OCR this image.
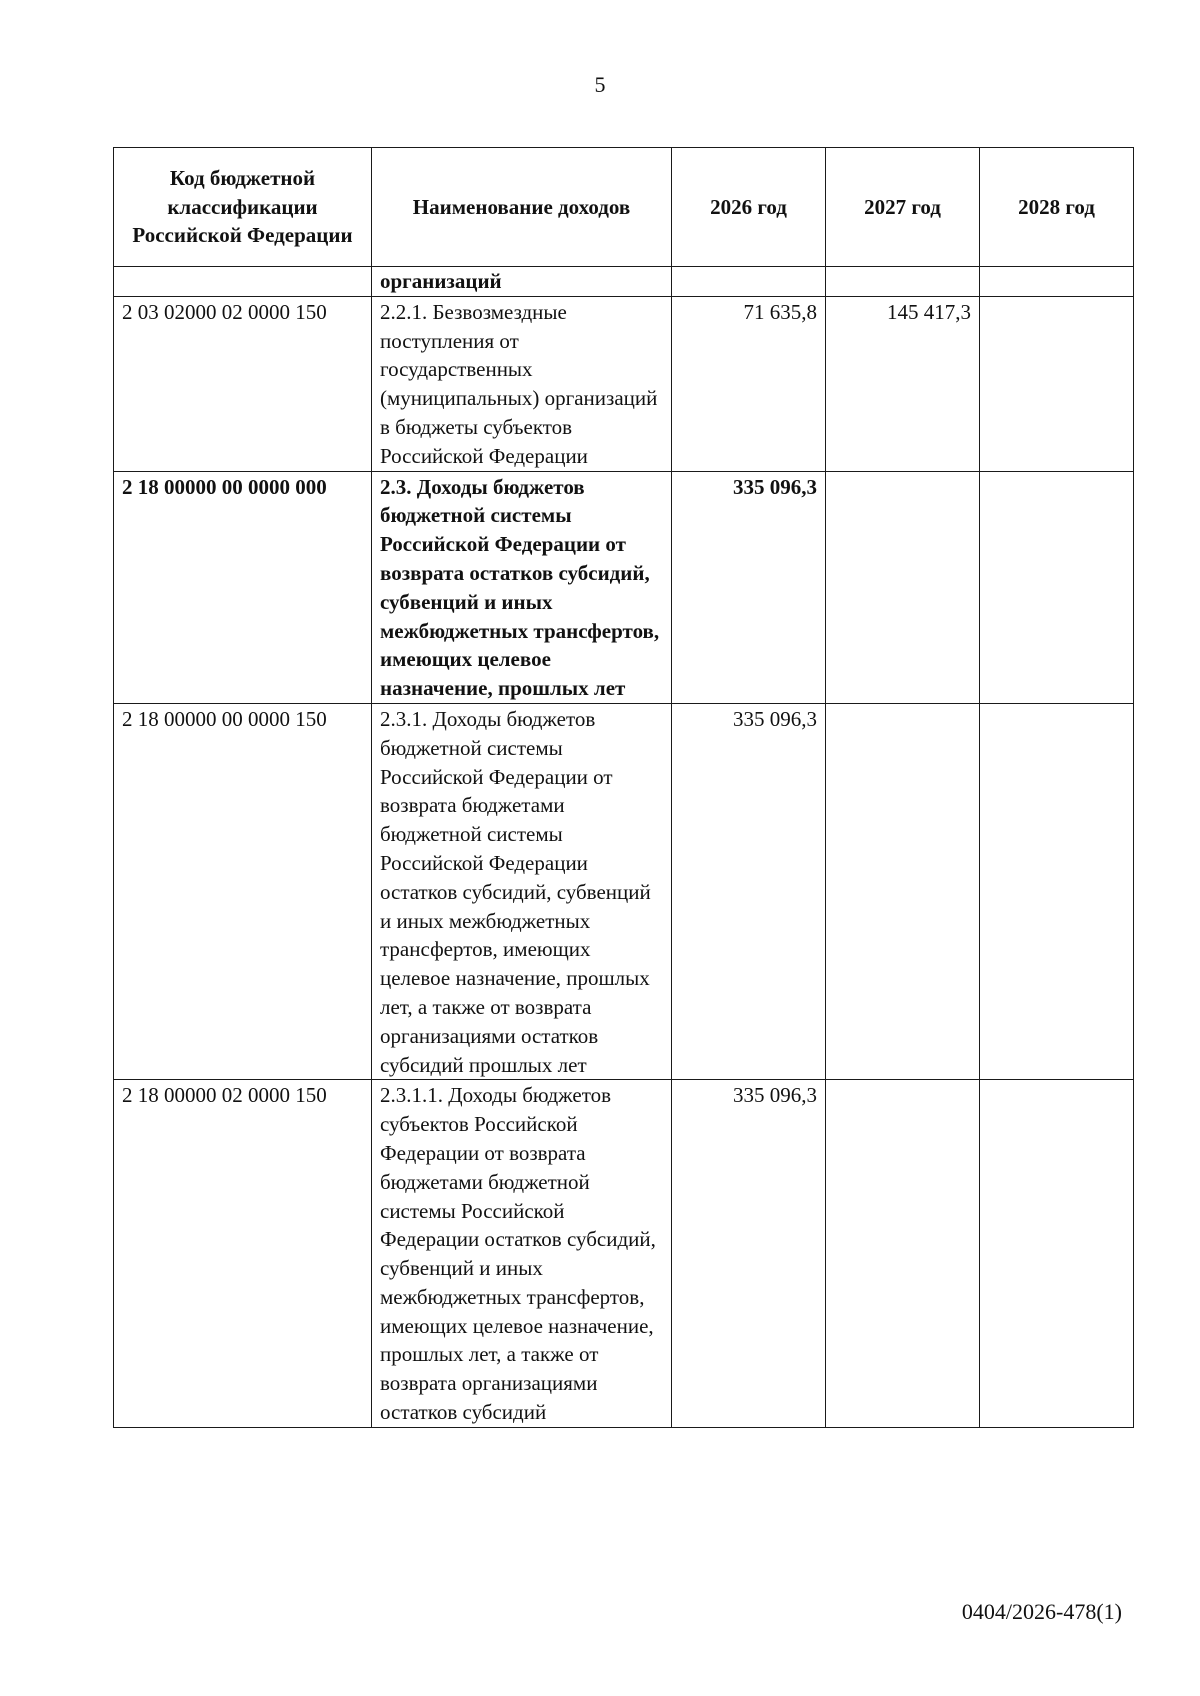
5
Код бюджетной классификации Российской Федерации	Наименование доходов	2026 год	2027 год	2028 год
	организаций			
2 03 02000 02 0000 150	2.2.1. Безвозмездные поступления от государственных (муниципальных) организаций в бюджеты субъектов Российской Федерации	71 635,8	145 417,3	
2 18 00000 00 0000 000	2.3. Доходы бюджетов бюджетной системы Российской Федерации от возврата остатков субсидий, субвенций и иных межбюджетных трансфертов, имеющих целевое назначение, прошлых лет	335 096,3		
2 18 00000 00 0000 150	2.3.1. Доходы бюджетов бюджетной системы Российской Федерации от возврата бюджетами бюджетной системы Российской Федерации остатков субсидий, субвенций и иных межбюджетных трансфертов, имеющих целевое назначение, прошлых лет, а также от возврата организациями остатков субсидий прошлых лет	335 096,3		
2 18 00000 02 0000 150	2.3.1.1. Доходы бюджетов субъектов Российской Федерации от возврата бюджетами бюджетной системы Российской Федерации остатков субсидий, субвенций и иных межбюджетных трансфертов, имеющих целевое назначение, прошлых лет, а также от возврата организациями остатков субсидий	335 096,3		
0404/2026-478(1)
